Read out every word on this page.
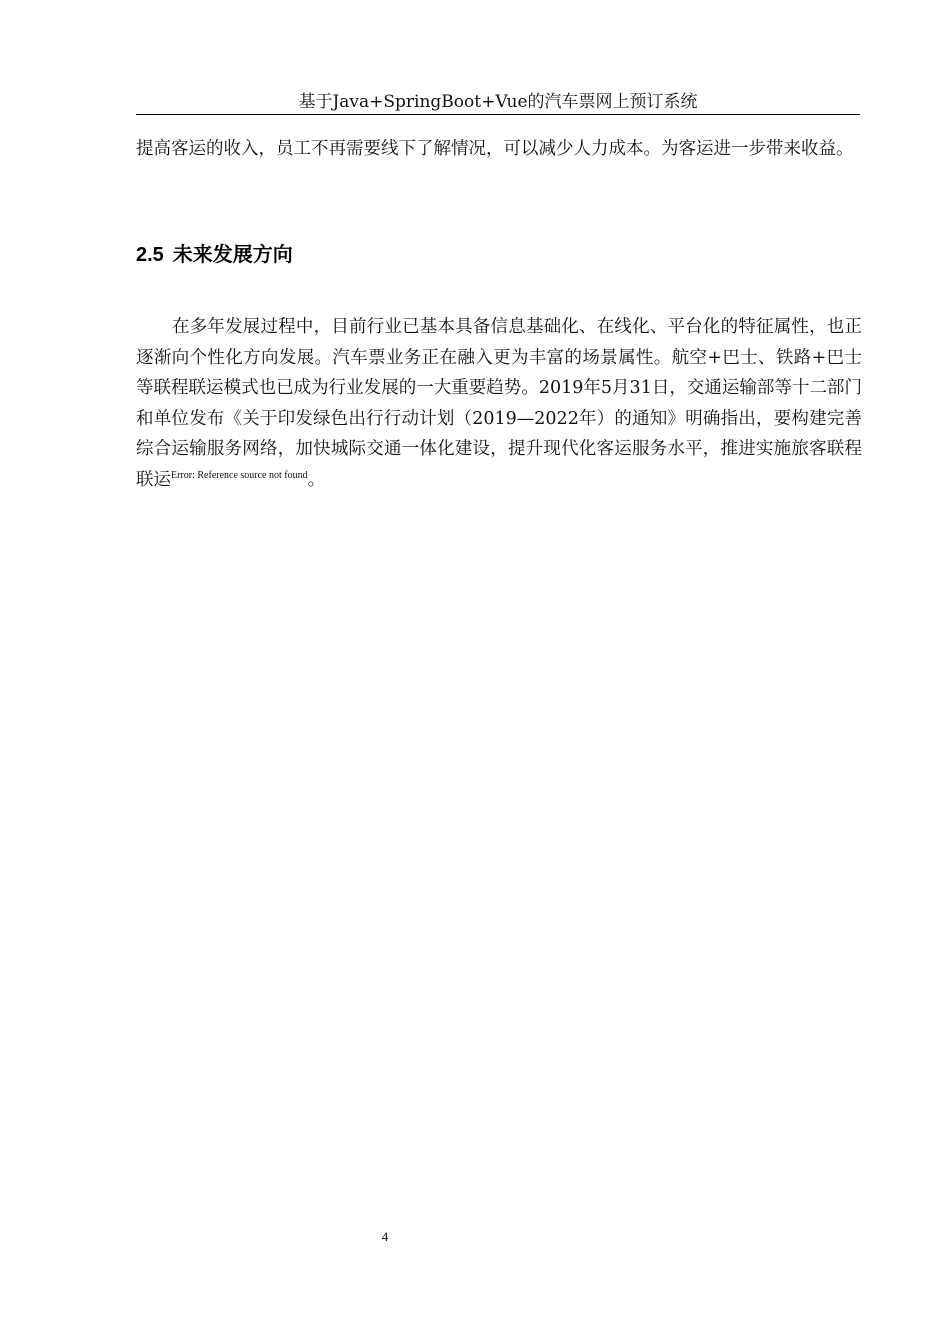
基于Java+SpringBoot+Vue的汽车票网上预订系统

提高客运的收入，员工不再需要线下了解情况，可以减少人力成本。为客运进一步带来收益。

2.5 未来发展方向

在多年发展过程中，目前行业已基本具备信息基础化、在线化、平台化的特征属性，也正逐渐向个性化方向发展。汽车票业务正在融入更为丰富的场景属性。航空+巴士、铁路+巴士等联程联运模式也已成为行业发展的一大重要趋势。2019年5月31日，交通运输部等十二部门和单位发布《关于印发绿色出行行动计划（2019—2022年）的通知》明确指出，要构建完善综合运输服务网络，加快城际交通一体化建设，提升现代化客运服务水平，推进实施旅客联程联运$^{Error: Reference source not found}$。

4
